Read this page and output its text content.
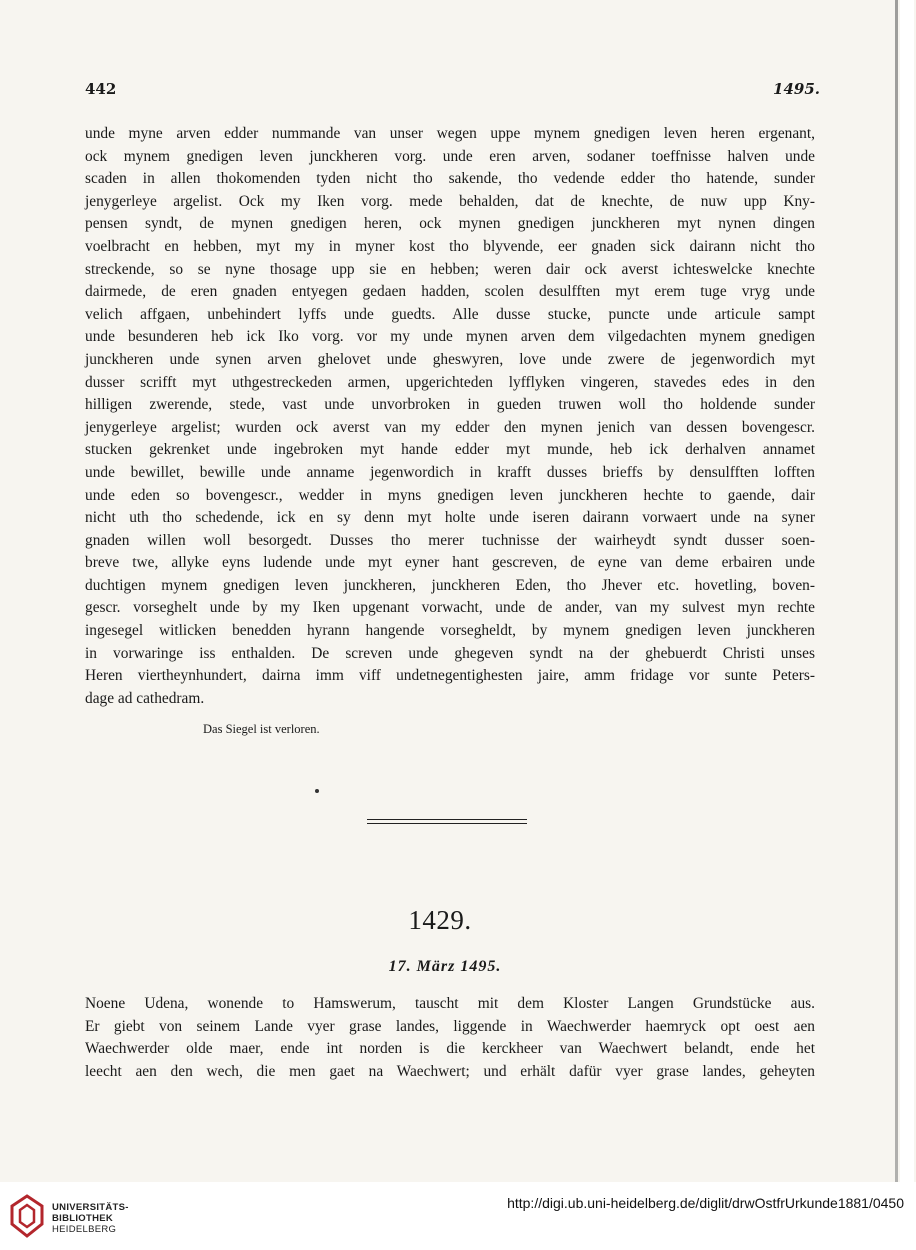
442	1495.
unde myne arven edder nummande van unser wegen uppe mynem gnedigen leven heren ergenant,
ock mynem gnedigen leven junckheren vorg. unde eren arven, sodaner toeffnisse halven unde
scaden in allen thokomenden tyden nicht tho sakende, tho vedende edder tho hatende, sunder
jenygerleye argelist. Ock my Iken vorg. mede behalden, dat de knechte, de nuw upp Kny-
pensen syndt, de mynen gnedigen heren, ock mynen gnedigen junckheren myt nynen dingen
voelbracht en hebben, myt my in myner kost tho blyvende, eer gnaden sick dairann nicht tho
streckende, so se nyne thosage upp sie en hebben; weren dair ock averst ichteswelcke knechte
dairmede, de eren gnaden entyegen gedaen hadden, scolen desulfften myt erem tuge vryg unde
velich affgaen, unbehindert lyffs unde guedts. Alle dusse stucke, puncte unde articule sampt
unde besunderen heb ick Iko vorg. vor my unde mynen arven dem vilgedachten mynem gnedigen
junckheren unde synen arven ghelovet unde gheswyren, love unde zwere de jegenwordich myt
dusser scrifft myt uthgestreckeden armen, upgerichteden lyfflyken vingeren, stavedes edes in den
hilligen zwerende, stede, vast unde unvorbroken in gueden truwen woll tho holdende sunder
jenygerleye argelist; wurden ock averst van my edder den mynen jenich van dessen bovengescr.
stucken gekrenket unde ingebroken myt hande edder myt munde, heb ick derhalven annamet
unde bewillet, bewille unde anname jegenwordich in krafft dusses brieffs by densulfften lofften
unde eden so bovengescr., wedder in myns gnedigen leven junckheren hechte to gaende, dair
nicht uth tho schedende, ick en sy denn myt holte unde iseren dairann vorwaert unde na syner
gnaden willen woll besorgedt. Dusses tho merer tuchnisse der wairheydt syndt dusser soen-
breve twe, allyke eyns ludende unde myt eyner hant gescreven, de eyne van deme erbairen unde
duchtigen mynem gnedigen leven junckheren, junckheren Eden, tho Jhever etc. hovetling, boven-
gescr. vorseghelt unde by my Iken upgenant vorwacht, unde de ander, van my sulvest myn rechte
ingesegel witlicken benedden hyrann hangende vorsegheldt, by mynem gnedigen leven junckheren
in vorwaringe iss enthalden. De screven unde ghegeven syndt na der ghebuerdt Christi unses
Heren viertheynhundert, dairna imm viff undetnegentighesten jaire, amm fridage vor sunte Peters-
dage ad cathedram.
Das Siegel ist verloren.
1429.
17. März 1495.
Noene Udena, wonende to Hamswerum, tauscht mit dem Kloster Langen Grundstücke aus.
Er giebt von seinem Lande vyer grase landes, liggende in Waechwerder haemryck opt oest aen
Waechwerder olde maer, ende int norden is die kerckheer van Waechwert belandt, ende het
leecht aen den wech, die men gaet na Waechwert; und erhält dafür vyer grase landes, geheyten
UNIVERSITÄTS-
BIBLIOTHEK
HEIDELBERG
http://digi.ub.uni-heidelberg.de/diglit/drwOstfrUrkunde1881/0450
